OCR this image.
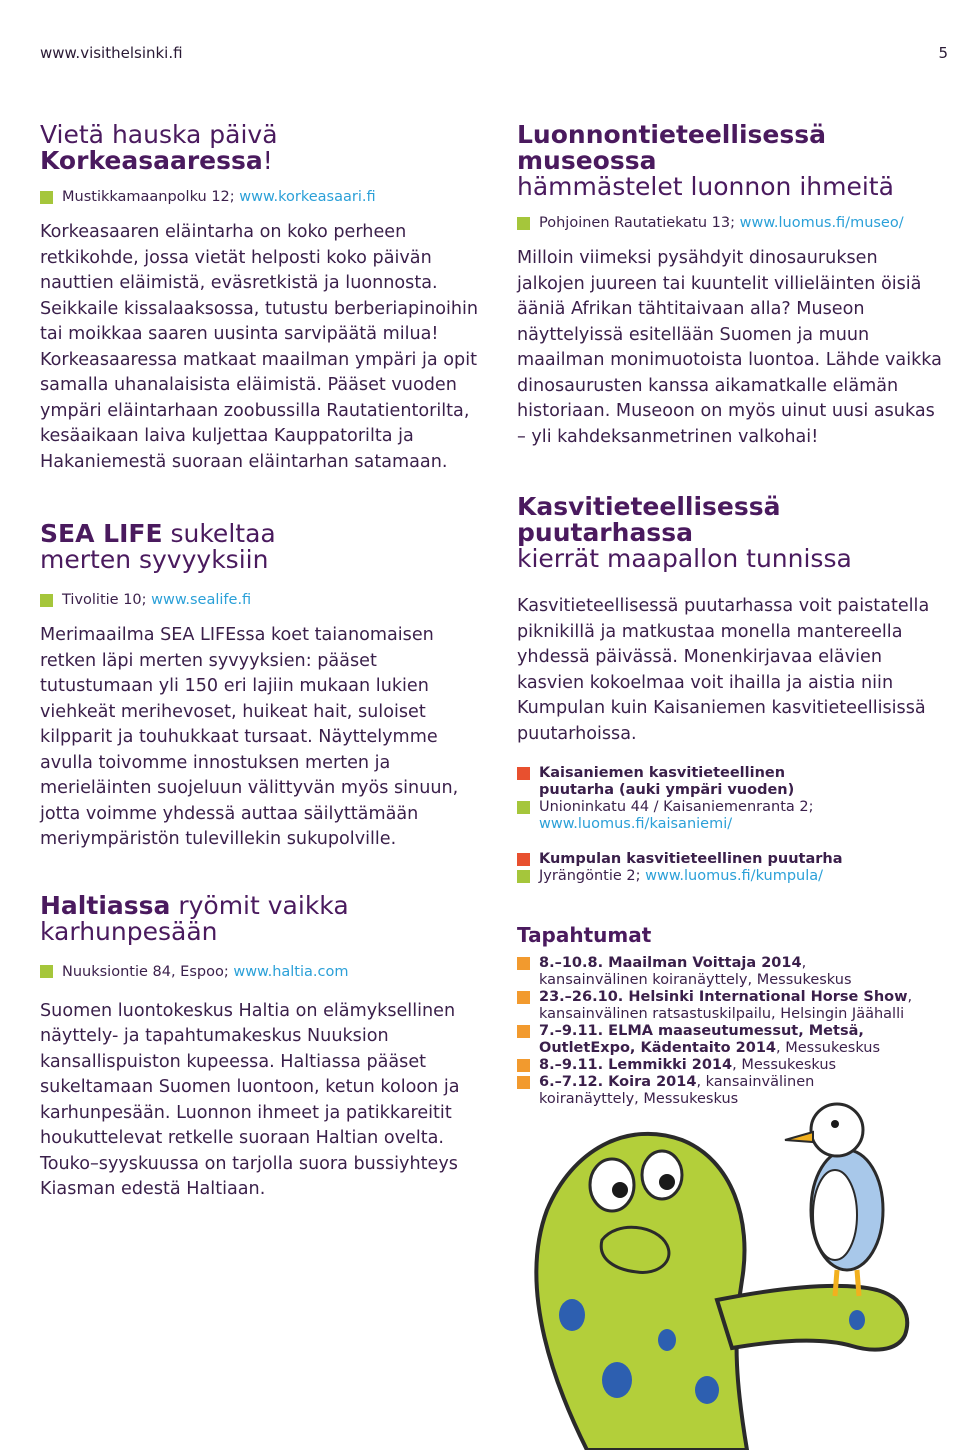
www.visithelsinki.fi	5
Vietä hauska päivä
Korkeasaaressa!
Mustikkamaanpolku 12; www.korkeasaari.fi
Korkeasaaren eläintarha on koko perheen retkikohde, jossa vietät helposti koko päivän nauttien eläimistä, eväsretkistä ja luonnosta. Seikkaile kissalaaksossa, tutustu berberiapinoihin tai moikkaa saaren uusinta sarvipäätä milua! Korkeasaaressa matkaat maailman ympäri ja opit samalla uhanalaisista eläimistä. Pääset vuoden ympäri eläintarhaan zoobussilla Rautatientorilta, kesäaikaan laiva kuljettaa Kauppatorilta ja Hakaniemestä suoraan eläintarhan satamaan.
SEA LIFE sukeltaa
merten syvyyksiin
Tivolitie 10; www.sealife.fi
Merimaailma SEA LIFEssa koet taianomaisen retken läpi merten syvyyksien: pääset tutustumaan yli 150 eri lajiin mukaan lukien viehkeät merihevoset, huikeat hait, suloiset kilpparit ja touhukkaat tursaat. Näyttelymme avulla toivomme innostuksen merten ja merieläinten suojeluun välittyvän myös sinuun, jotta voimme yhdessä auttaa säilyttämään meriympäristön tulevillekin sukupolville.
Haltiassa ryömit vaikka
karhunpesään
Nuuksiontie 84, Espoo; www.haltia.com
Suomen luontokeskus Haltia on elämyksellinen näyttely- ja tapahtumakeskus Nuuksion kansallispuiston kupeessa. Haltiassa pääset sukeltamaan Suomen luontoon, ketun koloon ja karhunpesään. Luonnon ihmeet ja patikkareitit houkuttelevat retkelle suoraan Haltian ovelta. Touko–syyskuussa on tarjolla suora bussiyhteys Kiasman edestä Haltiaan.
Luonnontieteellisessä museossa
hämmästelet luonnon ihmeitä
Pohjoinen Rautatiekatu 13; www.luomus.fi/museo/
Milloin viimeksi pysähdyit dinosauruksen jalkojen juureen tai kuuntelit villieläinten öisiä ääniä Afrikan tähtitaivaan alla? Museon näyttelyissä esitellään Suomen ja muun maailman monimuotoista luontoa. Lähde vaikka dinosaurusten kanssa aikamatkalle elämän historiaan. Museoon on myös uinut uusi asukas – yli kahdeksanmetrinen valkohai!
Kasvitieteellisessä puutarhassa
kierrät maapallon tunnissa
Kasvitieteellisessä puutarhassa voit paistatella piknikillä ja matkustaa monella mantereella yhdessä päivässä. Monenkirjavaa elävien kasvien kokoelmaa voit ihailla ja aistia niin Kumpulan kuin Kaisaniemen kasvitieteellisissä puutarhoissa.
Kaisaniemen kasvitieteellinen
puutarha (auki ympäri vuoden)
Unioninkatu 44 / Kaisaniemenranta 2;
www.luomus.fi/kaisaniemi/
Kumpulan kasvitieteellinen puutarha
Jyrängöntie 2; www.luomus.fi/kumpula/
Tapahtumat
8.–10.8. Maailman Voittaja 2014,
kansainvälinen koiranäyttely, Messukeskus
23.–26.10. Helsinki International Horse Show,
kansainvälinen ratsastuskilpailu, Helsingin Jäähalli
7.–9.11. ELMA maaseutumessut, Metsä,
OutletExpo, Kädentaito 2014, Messukeskus
8.–9.11. Lemmikki 2014, Messukeskus
6.–7.12. Koira 2014, kansainvälinen
koiranäyttely, Messukeskus
